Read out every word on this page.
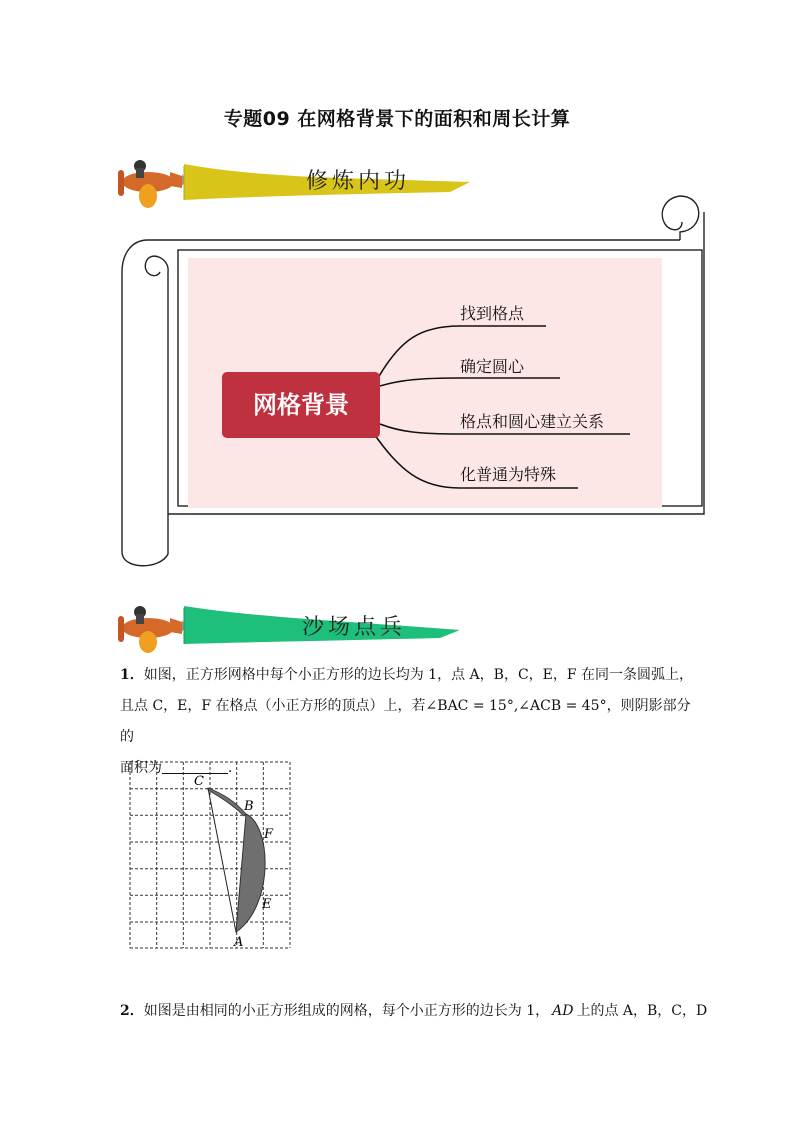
专题09 在网格背景下的面积和周长计算
修炼内功
网格背景
找到格点
确定圆心
格点和圆心建立关系
化普通为特殊
沙场点兵
1．如图，正方形网格中每个小正方形的边长均为 1，点 A，B，C，E，F 在同一条圆弧上，
且点 C，E，F 在格点（小正方形的顶点）上，若∠BAC = 15°,∠ACB = 45°，则阴影部分的
面积为	．
C
B
F
E
A
2．如图是由相同的小正方形组成的网格，每个小正方形的边长为 1， AD 上的点 A，B，C，D
